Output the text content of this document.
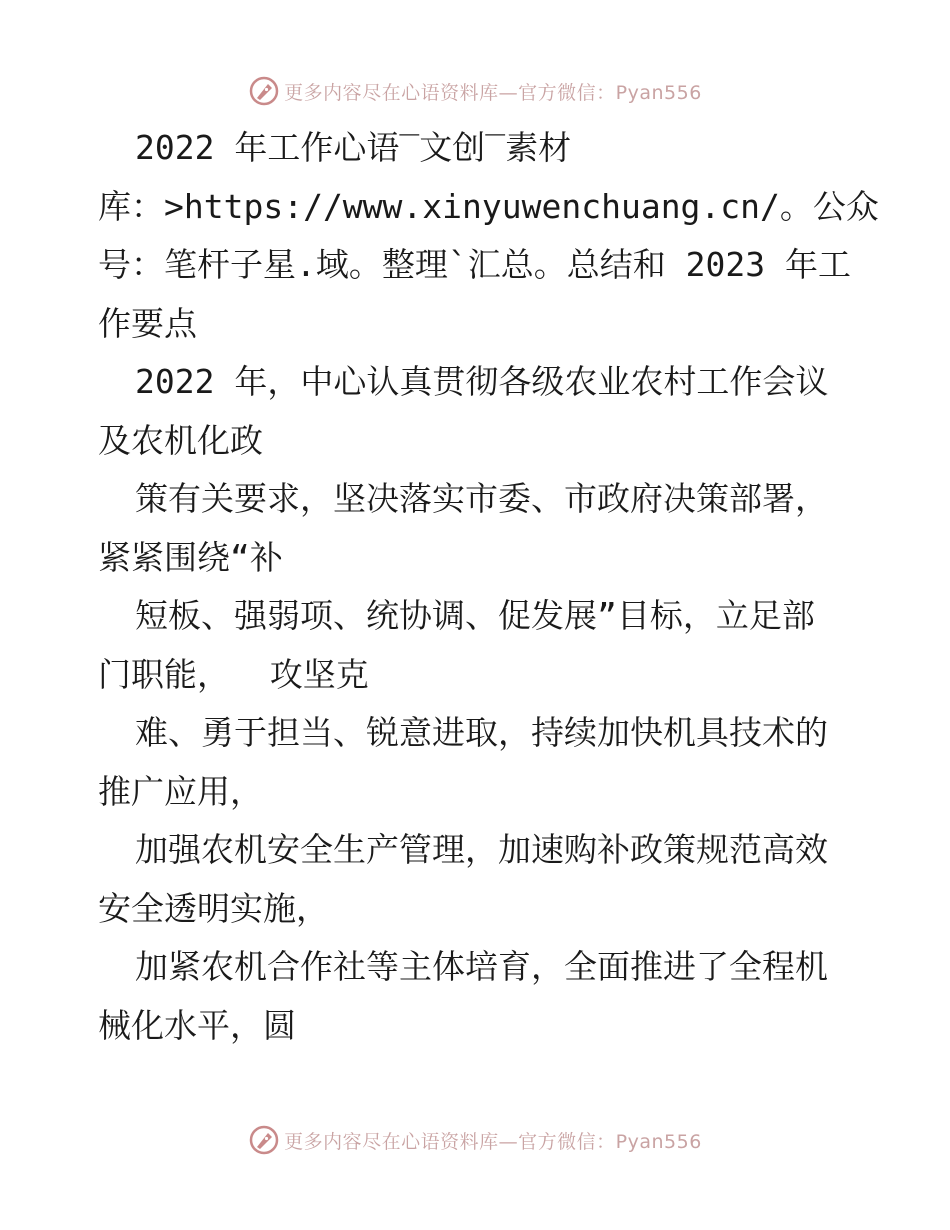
更多内容尽在心语资料库—官方微信：Pyan556
2022 年工作心语‾文创‾素材
库：>https://www.xinyuwenchuang.cn/。公众
号：笔杆子星.域。整理`汇总。总结和 2023 年工
作要点
2022 年，中心认真贯彻各级农业农村工作会议
及农机化政
策有关要求，坚决落实市委、市政府决策部署，
紧紧围绕“补
短板、强弱项、统协调、促发展”目标，立足部
门职能，  攻坚克
难、勇于担当、锐意进取，持续加快机具技术的
推广应用，
加强农机安全生产管理，加速购补政策规范高效
安全透明实施，
加紧农机合作社等主体培育，全面推进了全程机
械化水平，圆
更多内容尽在心语资料库—官方微信：Pyan556
